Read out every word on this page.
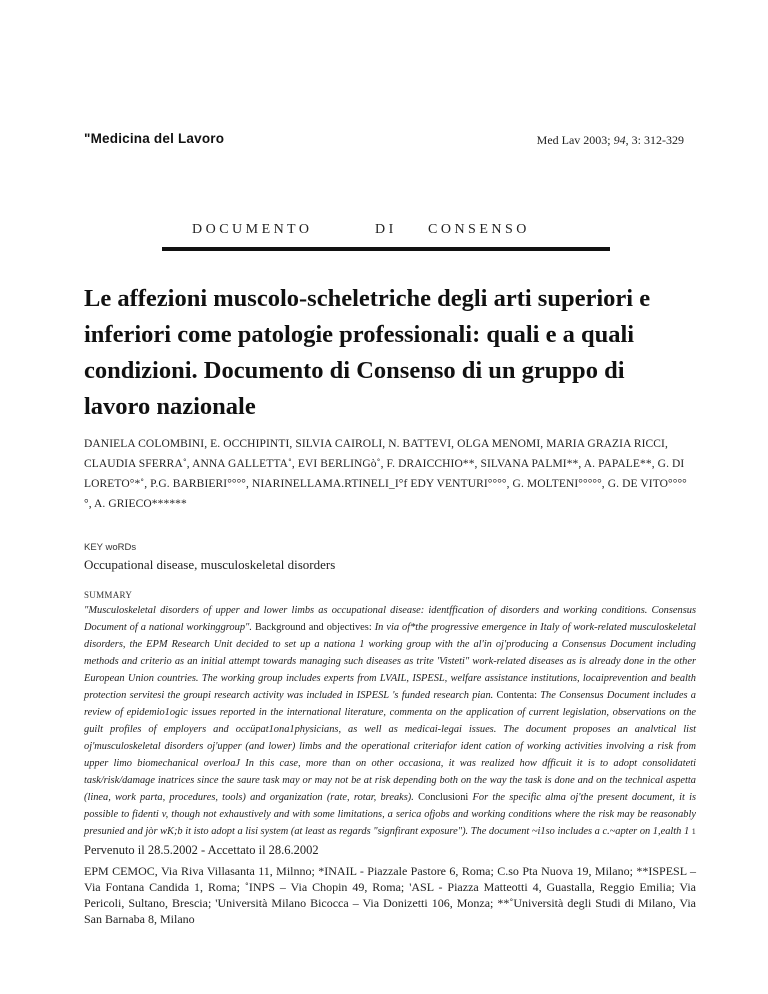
"Medicina del Lavoro	Med Lav 2003; 94, 3: 312-329
D O C U M E N T O	D I C O N S E N S O
Le affezioni muscolo-scheletriche degli arti superiori e inferiori come patologie professionali: quali e a quali condizioni. Documento di Consenso di un gruppo di lavoro nazionale
DANIELA COLOMBINI, E. OCCHIPINTI, SILVIA CAIROLI, N. BATTEVI, OLGA MENOMI, MARIA GRAZIA RICCI, CLAUDIA SFERRA˚, ANNA GALLETTA˚, EVI BERLINGò˚, F. DRAICCHIO**, SILVANA PALMI**, A. PAPALE**, G. DI LORETO°*˚, P.G. BARBIERI°°°°, NIARINELLAMA.RTINELI_I°f EDY VENTURI°°°°, G. MOLTENI°°°°°, G. DE VITO°°°°°, A. GRIECO******
KEY woRDs
Occupational disease, musculoskeletal disorders
SUMMARY

"Musculoskeletal disorders of upper and lower limbs as occupational disease: identffication of disorders and working conditions. Consensus Document of a national workinggroup". Background and objectives: In via of*the progressive emergence in Italy of work-related musculoskeletal disorders, the EPM Research Unit decided to set up a nationa 1 working group with the al'in oj'producing a Consensus Document including methods and criterio as an initial attempt towards managing such diseases as trite 'Visteti" work-related diseases as is already done in the other European Union countries. The working group includes experts from LVAIL, ISPESL, welfare assistance institutions, locaiprevention and bealth protection servitesi the groupi research activity was included in ISPESL 's funded research pian. Contenta: The Consensus Document includes a review of epidemio1ogic issues reported in the international literature, commenta on the application of current legislation, observations on the guilt profiles of employers and occüpat1ona1physicians, as well as medicai-legai issues. The document proposes an analvtical list oj'musculoskeletal disorders oj'upper (and lower) limbs and the operational criteriafor ident cation of working activities involving a risk from upper limo biomechanical overloaJ In this case, more than on other occasiona, it was realized how dfficuit it is to adopt consolidateti task/risk/damage inatrices since the saure task may or may not be at risk depending both on the way the task is done and on the technical aspetta (linea, work parta, procedures, tools) and organization (rate, rotar, breaks). Conclusioni For the specific alma oj'the present document, it is possible to fidenti v, though not exhaustively and with some limitations, a serica ofjobs and working conditions where the risk may be reasonably presunied and jòr wK;b it isto adopt a lisi system (at least as regards "signfirant exposure"). The document ~i1so includes a c.~apter on 1,ealth 1 1

Pervenuto il 28.5.2002 - Accettato il 28.6.2002

EPM CEMOC, Via Riva Villasanta 11, Milnno; *INAIL - Piazzale Pastore 6, Roma; C.so Pta Nuova 19, Milano; **ISPESL –Via Fontana Candida 1, Roma; ˚INPS – Via Chopin 49, Roma; 'ASL - Piazza Matteotti 4, Guastalla, Reggio Emilia; Via Pericoli, Sultano, Brescia; 'Università Milano Bicocca – Via Donizetti 106, Monza; **˚Università degli Studi di Milano, Via San Barnaba 8, Milano
